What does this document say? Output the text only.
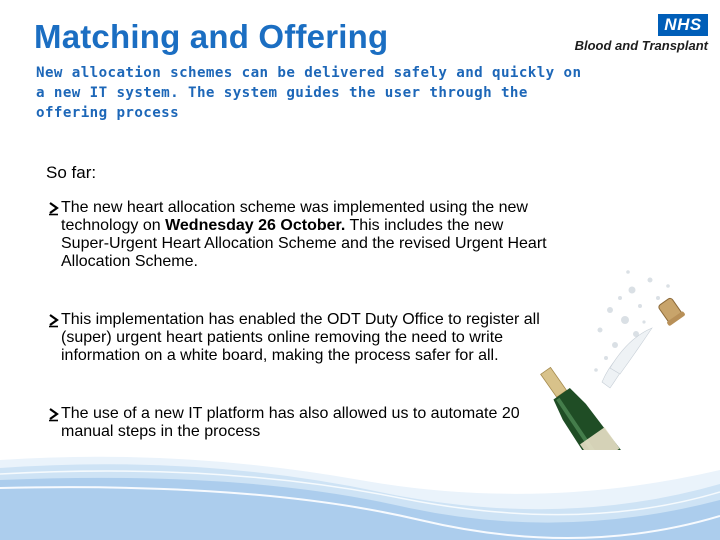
Matching and Offering
New allocation schemes can be delivered safely and quickly on a new IT system. The system guides the user through the offering process
NHS
Blood and Transplant
So far:
The new heart allocation scheme was implemented using the new technology on Wednesday 26 October. This includes the new Super-Urgent Heart Allocation Scheme and the revised Urgent Heart Allocation Scheme.
This implementation has enabled the ODT Duty Office to register all (super) urgent heart patients online removing the need to write information on a white board, making the process safer for all.
The use of a new IT platform has also allowed us to automate 20 manual steps in the process
